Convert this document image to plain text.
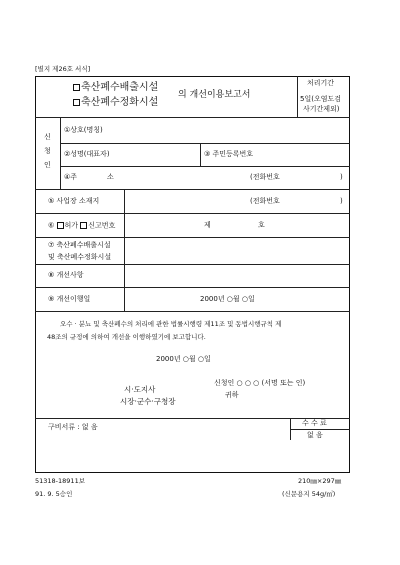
[별지 제26호 서식]
축산폐수배출시설
축산폐수정화시설
의 개선이용보고서
처리기간
5일(오염도검
사기간제외)
신
청
인
①상호(명칭)
②성명(대표자)	③ 주민등록번호
④주	소	(전화번호	)
⑤ 사업장 소재지	(전화번호	)
⑥ 허가 신고번호	제	호
⑦ 축산폐수배출시설
및 축산폐수정화시설
⑧ 개선사항
⑨ 개선이행일	2000년 ○월 ○일
오수 · 분뇨 및 축산폐수의 처리에 관한 법률시행령 제11조 및 동법시행규칙 제
48조의 규정에 의하여 개선을 이행하였기에 보고합니다.
2000년 ○월 ○일
신청인 ○ ○ ○ (서명 또는 인)
시·도지사
시장·군수·구청장
귀하
구비서류 : 없 음	수 수 료
없 음
51318-18911보
91. 9. 5승인
210㎜×297㎜
(신문용지 54g/㎡)
